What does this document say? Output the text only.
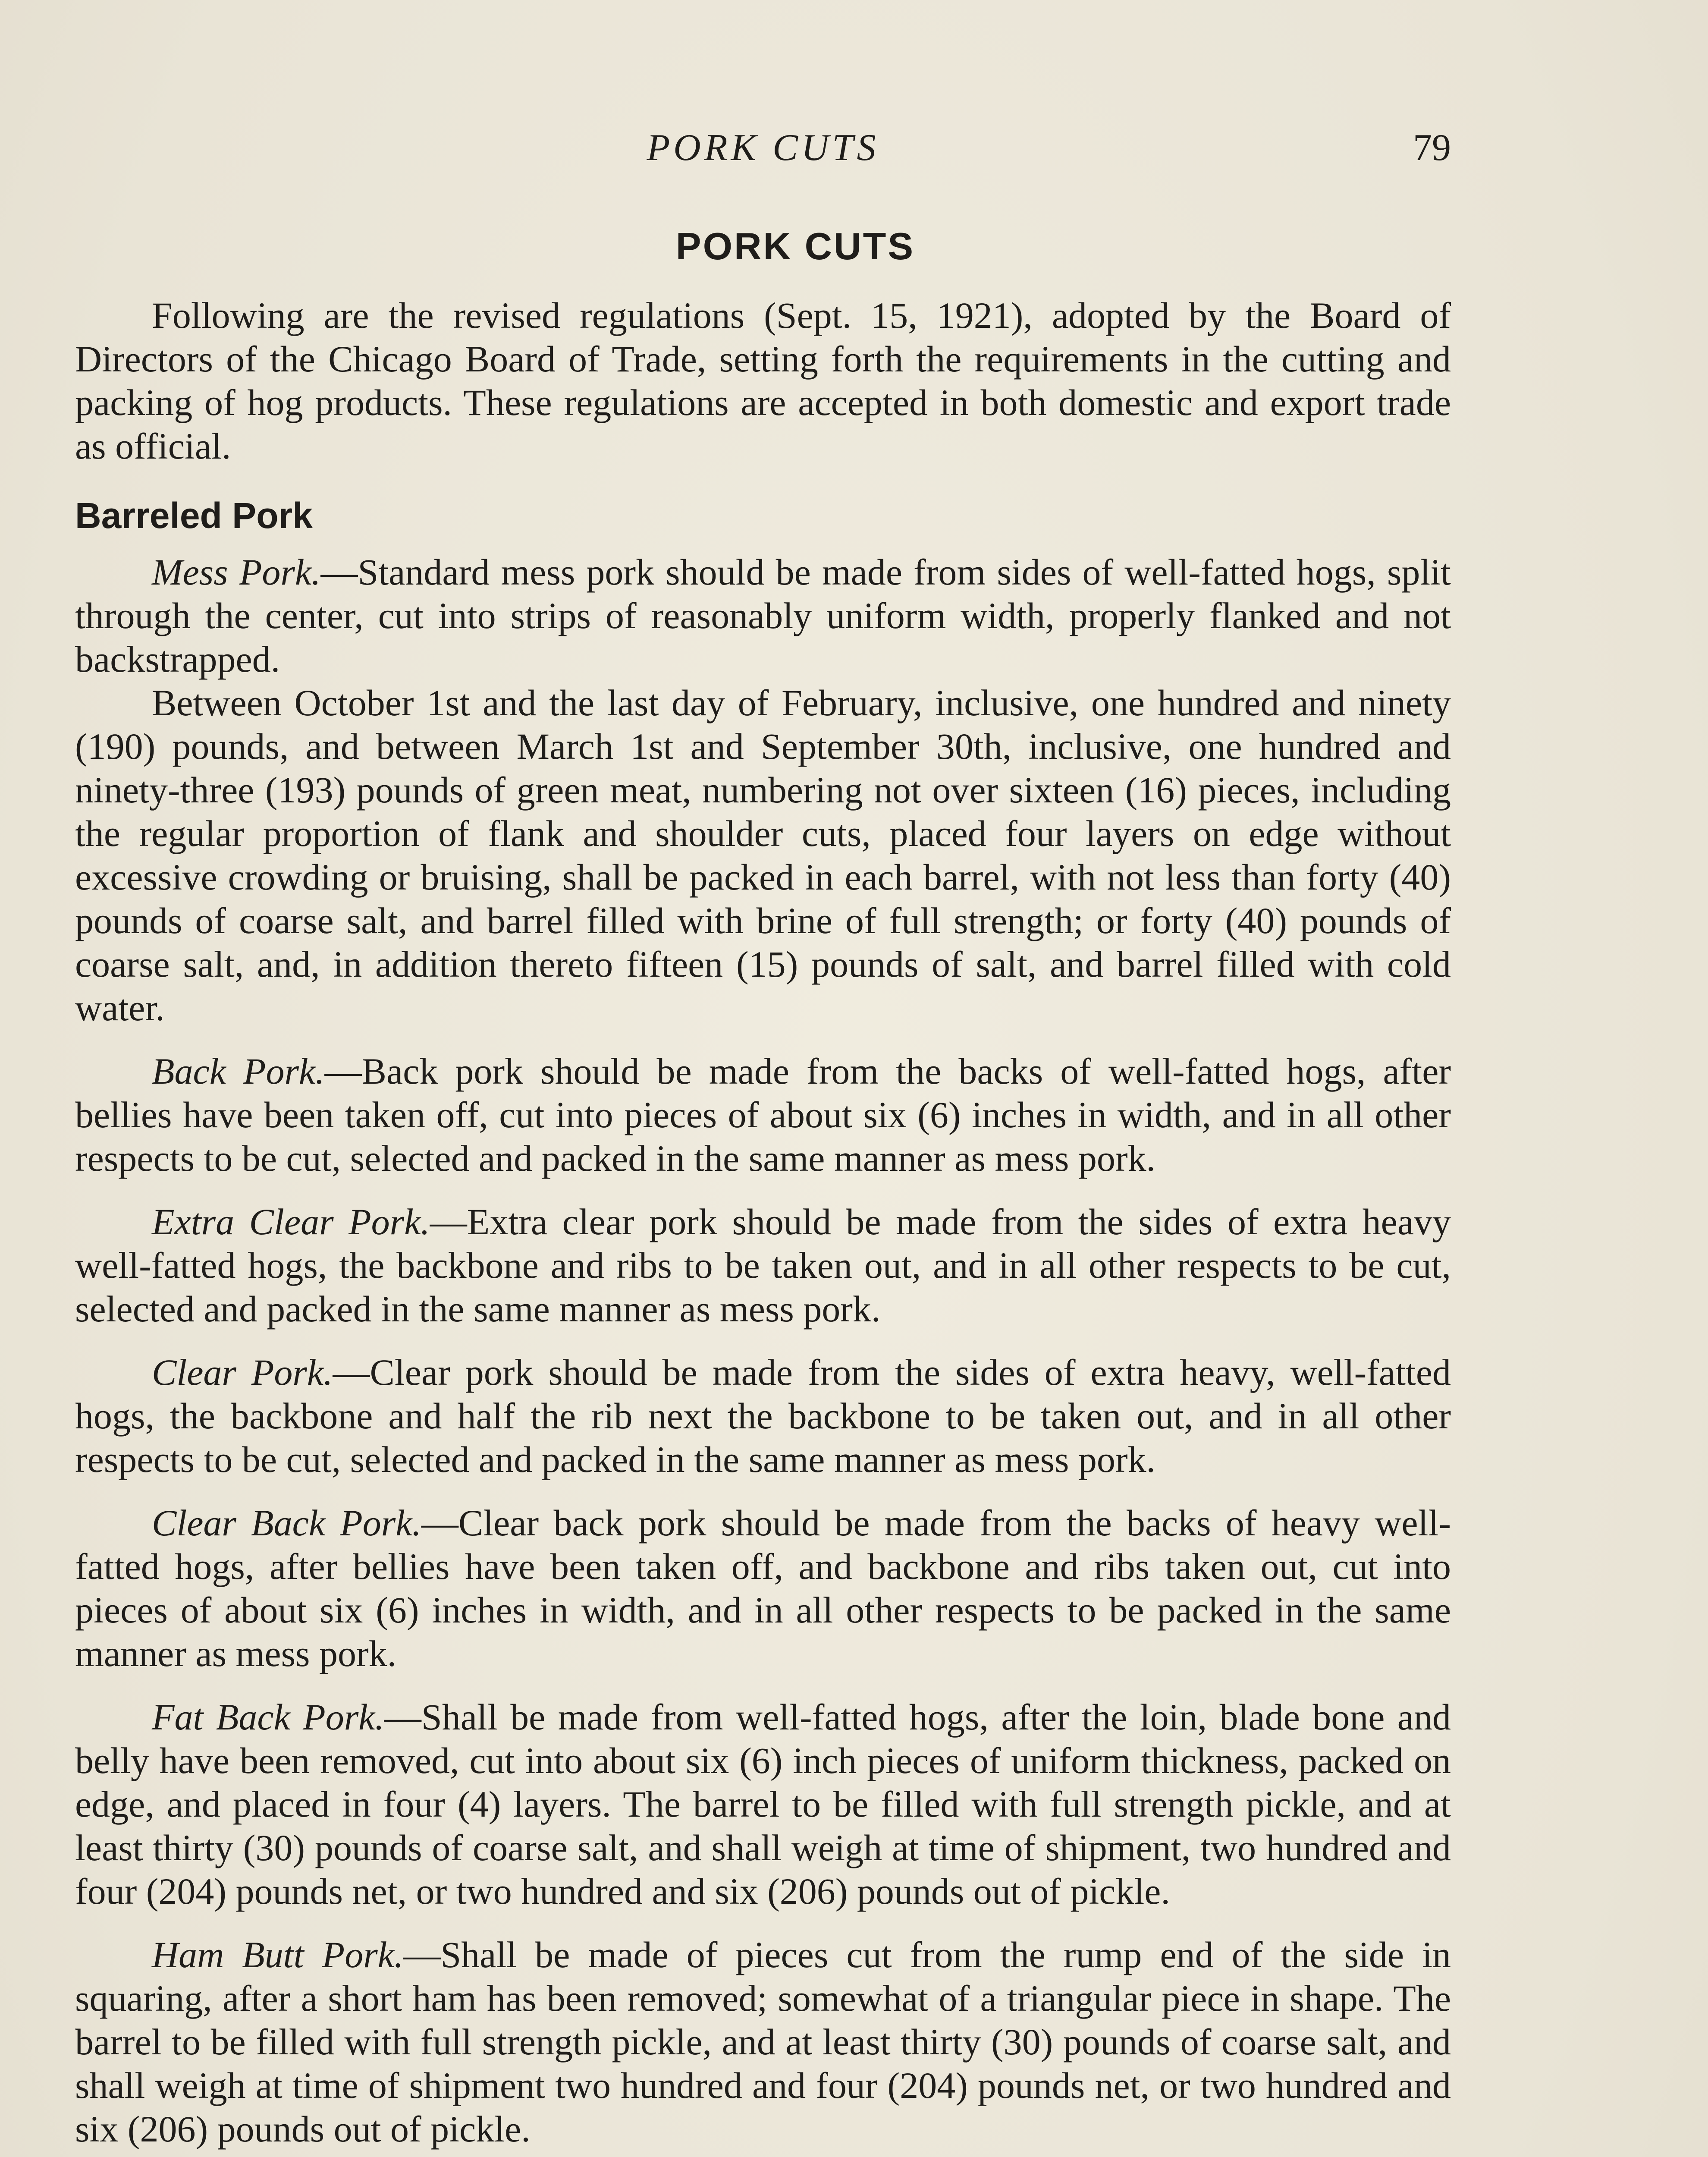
PORK CUTS	79
PORK CUTS

Following are the revised regulations (Sept. 15, 1921), adopted by the Board of Directors of the Chicago Board of Trade, setting forth the requirements in the cutting and packing of hog products. These regulations are accepted in both domestic and export trade as official.

Barreled Pork

Mess Pork.—Standard mess pork should be made from sides of well-fatted hogs, split through the center, cut into strips of reasonably uniform width, properly flanked and not backstrapped.

Between October 1st and the last day of February, inclusive, one hundred and ninety (190) pounds, and between March 1st and September 30th, inclusive, one hundred and ninety-three (193) pounds of green meat, numbering not over sixteen (16) pieces, including the regular proportion of flank and shoulder cuts, placed four layers on edge without excessive crowding or bruising, shall be packed in each barrel, with not less than forty (40) pounds of coarse salt, and barrel filled with brine of full strength; or forty (40) pounds of coarse salt, and, in addition thereto fifteen (15) pounds of salt, and barrel filled with cold water.

Back Pork.—Back pork should be made from the backs of well-fatted hogs, after bellies have been taken off, cut into pieces of about six (6) inches in width, and in all other respects to be cut, selected and packed in the same manner as mess pork.

Extra Clear Pork.—Extra clear pork should be made from the sides of extra heavy well-fatted hogs, the backbone and ribs to be taken out, and in all other respects to be cut, selected and packed in the same manner as mess pork.

Clear Pork.—Clear pork should be made from the sides of extra heavy, well-fatted hogs, the backbone and half the rib next the backbone to be taken out, and in all other respects to be cut, selected and packed in the same manner as mess pork.

Clear Back Pork.—Clear back pork should be made from the backs of heavy well-fatted hogs, after bellies have been taken off, and backbone and ribs taken out, cut into pieces of about six (6) inches in width, and in all other respects to be packed in the same manner as mess pork.

Fat Back Pork.—Shall be made from well-fatted hogs, after the loin, blade bone and belly have been removed, cut into about six (6) inch pieces of uniform thickness, packed on edge, and placed in four (4) layers. The barrel to be filled with full strength pickle, and at least thirty (30) pounds of coarse salt, and shall weigh at time of shipment, two hundred and four (204) pounds net, or two hundred and six (206) pounds out of pickle.

Ham Butt Pork.—Shall be made of pieces cut from the rump end of the side in squaring, after a short ham has been removed; somewhat of a triangular piece in shape. The barrel to be filled with full strength pickle, and at least thirty (30) pounds of coarse salt, and shall weigh at time of shipment two hundred and four (204) pounds net, or two hundred and six (206) pounds out of pickle.
